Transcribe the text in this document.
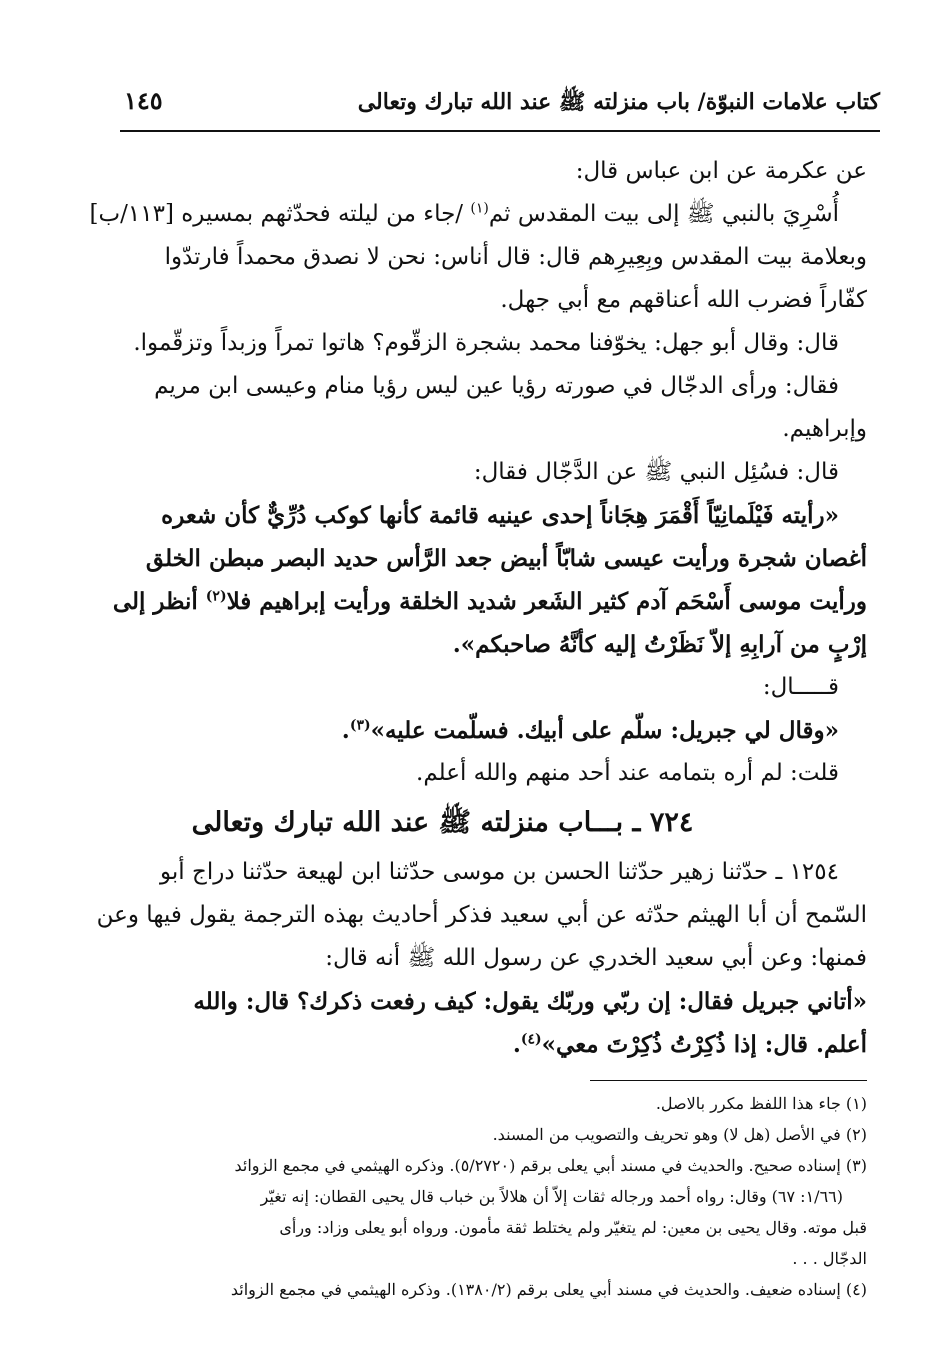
كتاب علامات النبوّة/ باب منزلته ﷺ عند الله تبارك وتعالى
١٤٥

عن عكرمة عن ابن عباس قال:

أُسْرِيَ بالنبي ﷺ إلى بيت المقدس ثم$^{(١)}$ /جاء من ليلته فحدّثهم بمسيره [١١٣/ب]

وبعلامة بيت المقدس وبِعِيرِهم قال: قال أناس: نحن لا نصدق محمداً فارتدّوا

كفّاراً فضرب الله أعناقهم مع أبي جهل.

قال: وقال أبو جهل: يخوّفنا محمد بشجرة الزقّوم؟ هاتوا تمراً وزبداً وتزقّموا.

فقال: ورأى الدجّال في صورته رؤيا عين ليس رؤيا منام وعيسى ابن مريم

وإبراهيم.

قال: فسُئِل النبي ﷺ عن الدَّجّال فقال:

«رأيته فَيْلَمانِيّاً أَقْمَرَ هِجَاناً إحدى عينيه قائمة كأنها كوكب دُرِّيٌّ كأن شعره

أغصان شجرة ورأيت عيسى شابّاً أبيض جعد الرَّأس حديد البصر مبطن الخلق

ورأيت موسى أَسْحَم آدم كثير الشَعر شديد الخلقة ورأيت إبراهيم فلا$^{(٢)}$ أنظر إلى

إرْبٍ من آرابِهِ إلاّ نَظَرْتُ إليه كأنَّهُ صاحبكم».

قـــــال:

«وقال لي جبريل: سلّم على أبيك. فسلّمت عليه»$^{(٣)}$.

قلت: لم أره بتمامه عند أحد منهم والله أعلم.

٧٢٤ ـ بـــاب منزلته ﷺ عند الله تبارك وتعالى

١٢٥٤ ـ حدّثنا زهير حدّثنا الحسن بن موسى حدّثنا ابن لهيعة حدّثنا دراج أبو

السّمح أن أبا الهيثم حدّثه عن أبي سعيد فذكر أحاديث بهذه الترجمة يقول فيها وعن

فمنها: وعن أبي سعيد الخدري عن رسول الله ﷺ أنه قال:

«أتاني جبريل فقال: إن ربّي وربّك يقول: كيف رفعت ذكرك؟ قال: والله

أعلم. قال: إذا ذُكِرْتُ ذُكِرْتَ معي»$^{(٤)}$.

(١) جاء هذا اللفظ مكرر بالاصل.

(٢) في الأصل (هل لا) وهو تحريف والتصويب من المسند.

(٣) إسناده صحيح. والحديث في مسند أبي يعلى برقم (٥/٢٧٢٠). وذكره الهيثمي في مجمع الزوائد

(١/٦٦: ٦٧) وقال: رواه أحمد ورجاله ثقات إلاّ أن هلالاً بن خباب قال يحيى القطان: إنه تغيّر

قبل موته. وقال يحيى بن معين: لم يتغيّر ولم يختلط ثقة مأمون. ورواه أبو يعلى وزاد: ورأى

الدجّال . . .

(٤) إسناده ضعيف. والحديث في مسند أبي يعلى برقم (١٣٨٠/٢). وذكره الهيثمي في مجمع الزوائد
